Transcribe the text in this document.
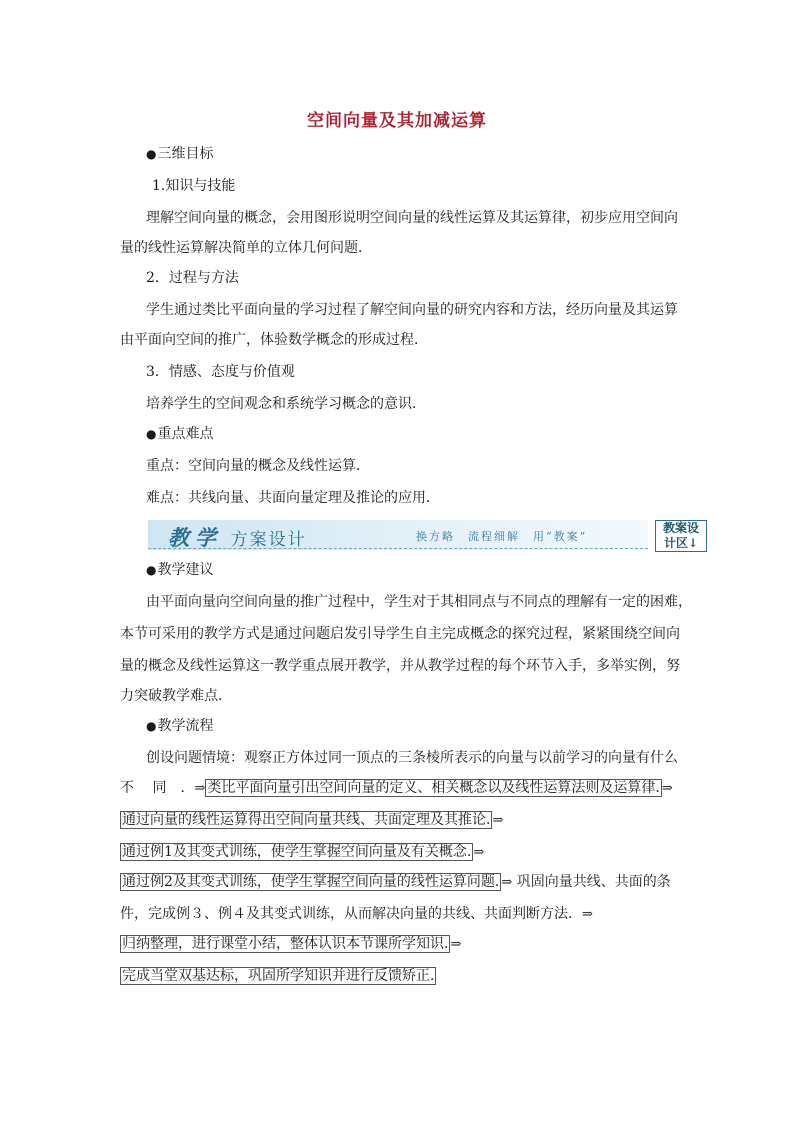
空间向量及其加减运算
● 三维目标
1.知识与技能
理解空间向量的概念，会用图形说明空间向量的线性运算及其运算律，初步应用空间向
量的线性运算解决简单的立体几何问题．
2．过程与方法
学生通过类比平面向量的学习过程了解空间向量的研究内容和方法，经历向量及其运算
由平面向空间的推广，体验数学概念的形成过程．
3．情感、态度与价值观
培养学生的空间观念和系统学习概念的意识．
● 重点难点
重点：空间向量的概念及线性运算．
难点：共线向量、共面向量定理及推论的应用．
教 学 方案设计	换方略　流程细解　用“教案”
教案设
计区↓
● 教学建议
由平面向量向空间向量的推广过程中，学生对于其相同点与不同点的理解有一定的困难，
本节可采用的教学方式是通过问题启发引导学生自主完成概念的探究过程，紧紧围绕空间向
量的概念及线性运算这一教学重点展开教学，并从教学过程的每个环节入手，多举实例，努
力突破教学难点．
● 教学流程
创设问题情境：观察正方体过同一顶点的三条棱所表示的向量与以前学习的向量有什么
不　 同　．⇒ 类比平面向量引出空间向量的定义、相关概念以及线性运算法则及运算律. ⇒
通过向量的线性运算得出空间向量共线、共面定理及其推论. ⇒
通过例1及其变式训练，使学生掌握空间向量及有关概念. ⇒
通过例2及其变式训练，使学生掌握空间向量的线性运算问题. ⇒ 巩固向量共线、共面的条
件，完成例３、例４及其变式训练，从而解决向量的共线、共面判断方法．⇒
归纳整理，进行课堂小结，整体认识本节课所学知识. ⇒
完成当堂双基达标，巩固所学知识并进行反馈矫正.
